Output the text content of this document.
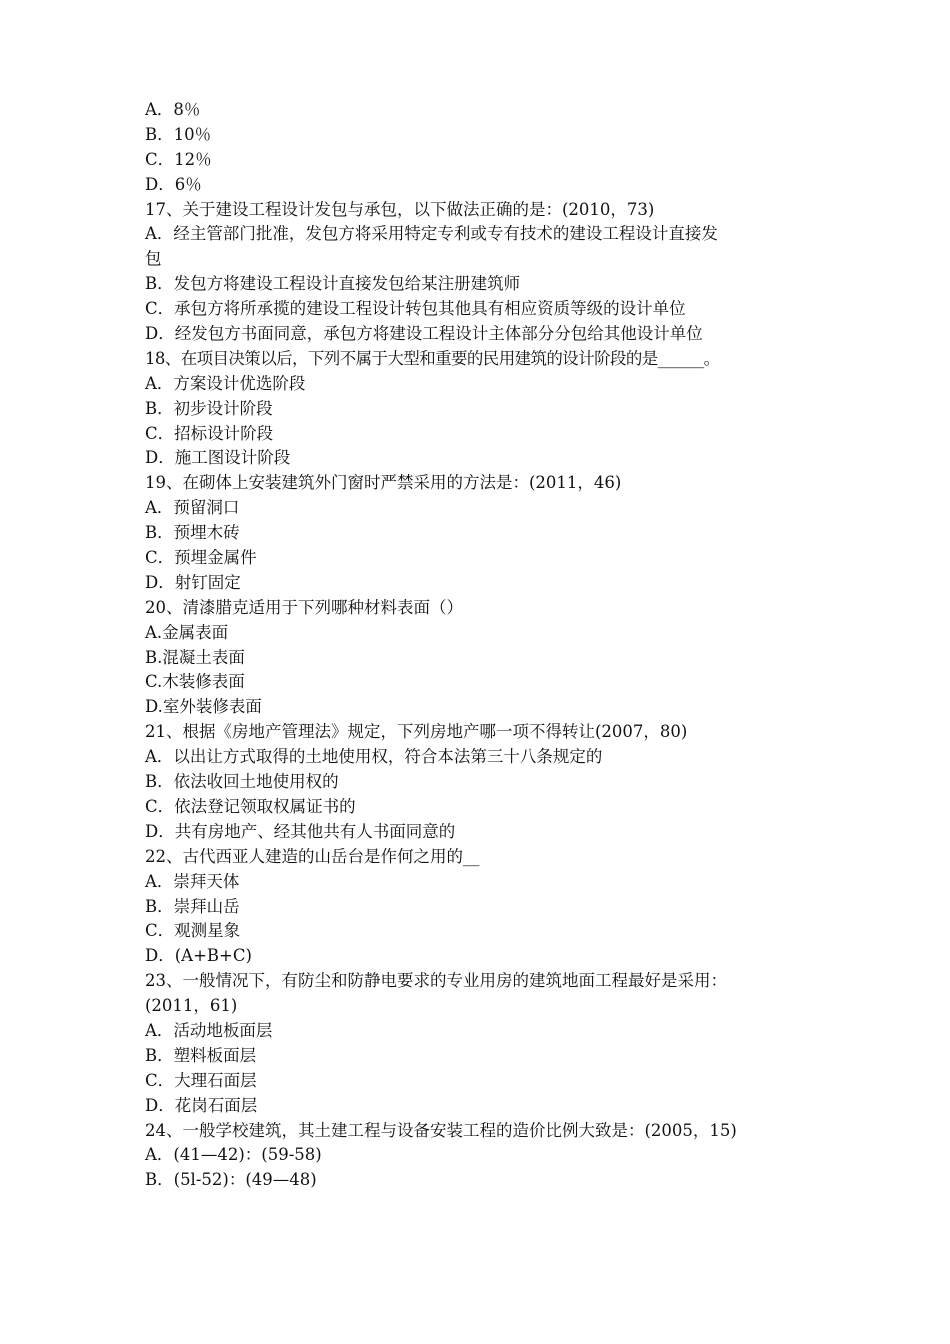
A．8％
B．10％
C．12％
D．6％
17、关于建设工程设计发包与承包，以下做法正确的是：(2010，73)
A．经主管部门批准，发包方将采用特定专利或专有技术的建设工程设计直接发
包
B．发包方将建设工程设计直接发包给某注册建筑师
C．承包方将所承揽的建设工程设计转包其他具有相应资质等级的设计单位
D．经发包方书面同意，承包方将建设工程设计主体部分分包给其他设计单位
18、在项目决策以后，下列不属于大型和重要的民用建筑的设计阶段的是______。
A．方案设计优选阶段
B．初步设计阶段
C．招标设计阶段
D．施工图设计阶段
19、在砌体上安装建筑外门窗时严禁采用的方法是：(2011，46)
A．预留洞口
B．预埋木砖
C．预埋金属件
D．射钉固定
20、清漆腊克适用于下列哪种材料表面（）
A.金属表面
B.混凝土表面
C.木装修表面
D.室外装修表面
21、根据《房地产管理法》规定，下列房地产哪一项不得转让(2007，80)
A．以出让方式取得的土地使用权，符合本法第三十八条规定的
B．依法收回土地使用权的
C．依法登记领取权属证书的
D．共有房地产、经其他共有人书面同意的
22、古代西亚人建造的山岳台是作何之用的__
A．崇拜天体
B．崇拜山岳
C．观测星象
D．(A+B+C)
23、一般情况下，有防尘和防静电要求的专业用房的建筑地面工程最好是采用：
(2011，61)
A．活动地板面层
B．塑料板面层
C．大理石面层
D．花岗石面层
24、一般学校建筑，其土建工程与设备安装工程的造价比例大致是：(2005，15)
A．(41—42)：(59-58)
B．(5l-52)：(49—48)
